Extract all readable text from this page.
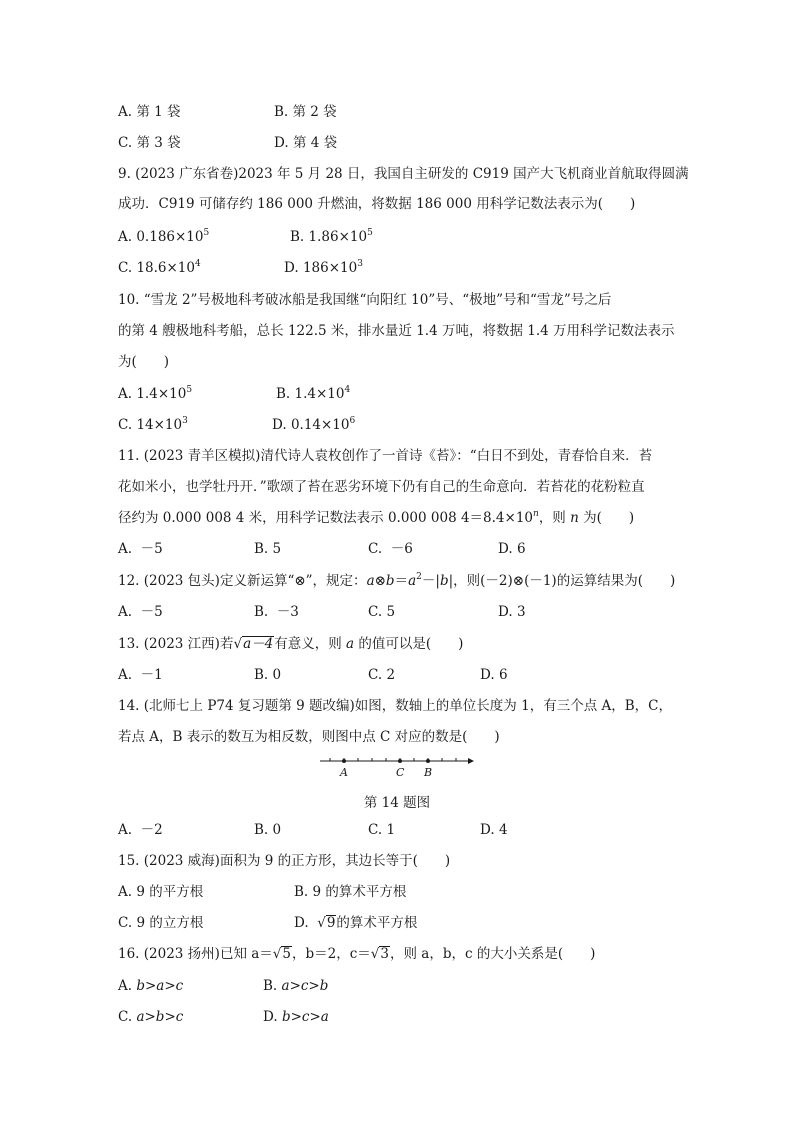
A. 第 1 袋	B. 第 2 袋
C. 第 3 袋	D. 第 4 袋
9. (2023 广东省卷)2023 年 5 月 28 日，我国自主研发的 C919 国产大飞机商业首航取得圆满
成功．C919 可储存约 186 000 升燃油，将数据 186 000 用科学记数法表示为(　　)
A. $0.186\times 10^5$	B. $1.86\times 10^5$
C. $18.6\times 10^4$	D. $186\times 10^3$
10. “雪龙 2”号极地科考破冰船是我国继“向阳红 10”号、“极地”号和“雪龙”号之后
的第 4 艘极地科考船，总长 122.5 米，排水量近 1.4 万吨，将数据 1.4 万用科学记数法表示
为(　　)
A. $1.4\times 10^5$	B. $1.4\times 10^4$
C. $14\times 10^3$	D. $0.14\times 10^6$
11. (2023 青羊区模拟)清代诗人袁枚创作了一首诗《苔》：“白日不到处，青春恰自来．苔
花如米小，也学牡丹开．”歌颂了苔在恶劣环境下仍有自己的生命意向．若苔花的花粉粒直
径约为 0.000 008 4 米，用科学记数法表示 0.000 008 $4=8.4\times 10^n$，则 n 为(　　)
A. －5	B. 5	C. －6	D. 6
12. (2023 包头)定义新运算“⊗”，规定：$a\otimes b=a^2-|b|$，则(－2)⊗(－1)的运算结果为(　　)
A. －5	B. －3	C. 5	D. 3
13. (2023 江西)若√a－4有意义，则 a 的值可以是(　　)
A. －1	B. 0	C. 2	D. 6
14. (北师七上 P74 复习题第 9 题改编)如图，数轴上的单位长度为 1，有三个点 A，B，C，
若点 A，B 表示的数互为相反数，则图中点 C 对应的数是(　　)
A	C B
第 14 题图
A. －2	B. 0	C. 1	D. 4
15. (2023 威海)面积为 9 的正方形，其边长等于(　　)
A. 9 的平方根	B. 9 的算术平方根
C. 9 的立方根	D.  √9的算术平方根
16. (2023 扬州)已知 a＝√5，b＝2，c＝√3，则 a，b，c 的大小关系是(　　)
A. b>a>c	B. a>c>b
C. a>b>c	D. b>c>a
